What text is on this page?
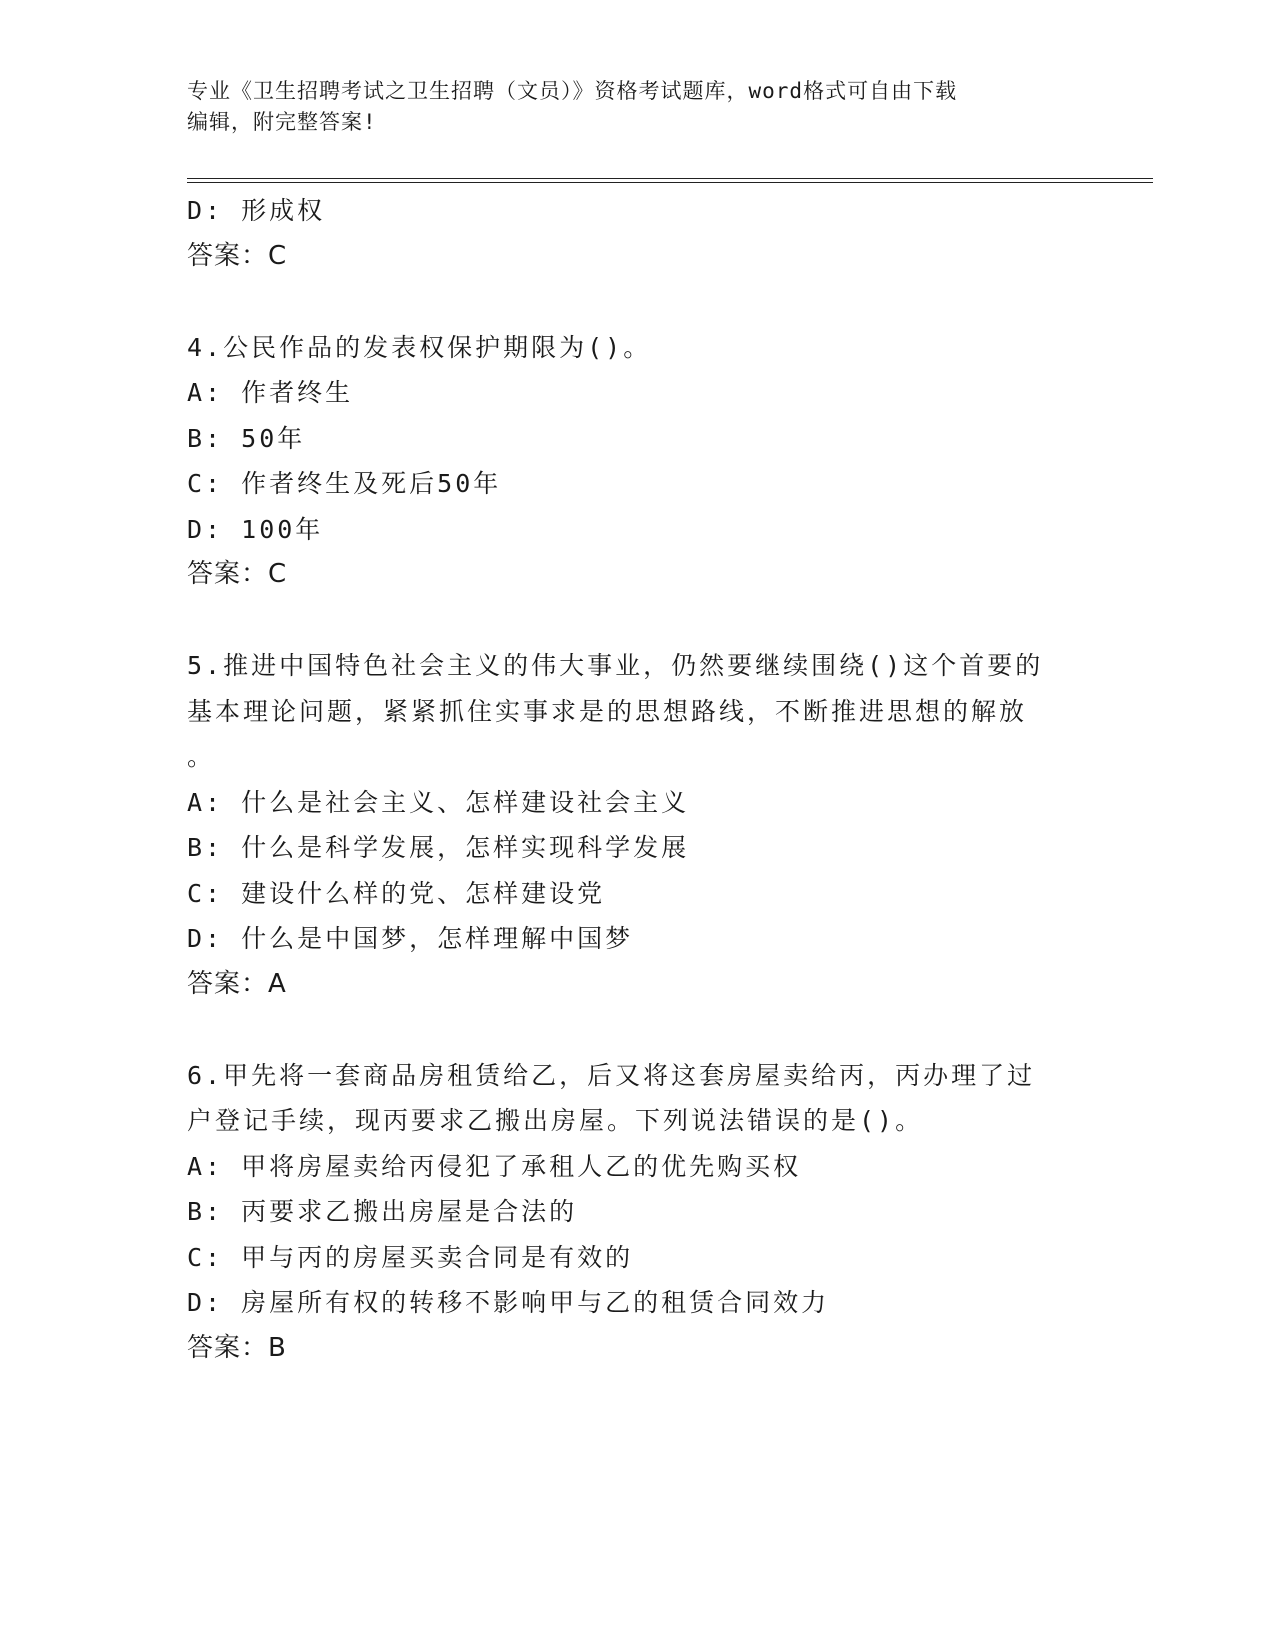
专业《卫生招聘考试之卫生招聘（文员）》资格考试题库，word格式可自由下载
编辑，附完整答案!
D: 形成权
答案：C
4.公民作品的发表权保护期限为()。
A: 作者终生
B: 50年
C: 作者终生及死后50年
D: 100年
答案：C
5.推进中国特色社会主义的伟大事业，仍然要继续围绕()这个首要的
基本理论问题，紧紧抓住实事求是的思想路线，不断推进思想的解放
。
A: 什么是社会主义、怎样建设社会主义
B: 什么是科学发展，怎样实现科学发展
C: 建设什么样的党、怎样建设党
D: 什么是中国梦，怎样理解中国梦
答案：A
6.甲先将一套商品房租赁给乙，后又将这套房屋卖给丙，丙办理了过
户登记手续，现丙要求乙搬出房屋。下列说法错误的是()。
A: 甲将房屋卖给丙侵犯了承租人乙的优先购买权
B: 丙要求乙搬出房屋是合法的
C: 甲与丙的房屋买卖合同是有效的
D: 房屋所有权的转移不影响甲与乙的租赁合同效力
答案：B
